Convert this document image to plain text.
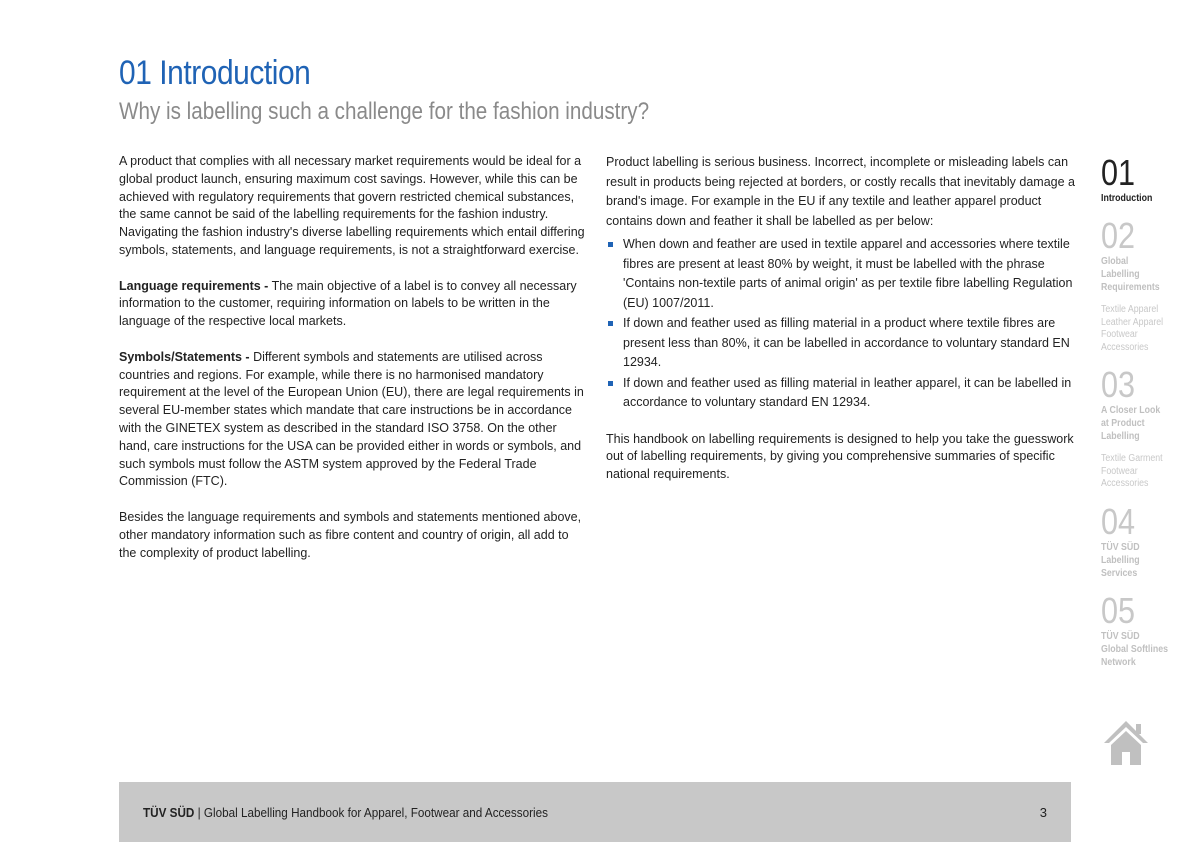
01 Introduction
Why is labelling such a challenge for the fashion industry?

A product that complies with all necessary market requirements would be ideal for a global product launch, ensuring maximum cost savings. However, while this can be achieved with regulatory requirements that govern restricted chemical substances, the same cannot be said of the labelling requirements for the fashion industry. Navigating the fashion industry's diverse labelling requirements which entail differing symbols, statements, and language requirements, is not a straightforward exercise.

Language requirements - The main objective of a label is to convey all necessary information to the customer, requiring information on labels to be written in the language of the respective local markets.

Symbols/Statements - Different symbols and statements are utilised across countries and regions. For example, while there is no harmonised mandatory requirement at the level of the European Union (EU), there are legal requirements in several EU-member states which mandate that care instructions be in accordance with the GINETEX system as described in the standard ISO 3758. On the other hand, care instructions for the USA can be provided either in words or symbols, and such symbols must follow the ASTM system approved by the Federal Trade Commission (FTC).

Besides the language requirements and symbols and statements mentioned above, other mandatory information such as fibre content and country of origin, all add to the complexity of product labelling.

Product labelling is serious business. Incorrect, incomplete or misleading labels can result in products being rejected at borders, or costly recalls that inevitably damage a brand's image. For example in the EU if any textile and leather apparel product contains down and feather it shall be labelled as per below:

When down and feather are used in textile apparel and accessories where textile fibres are present at least 80% by weight, it must be labelled with the phrase 'Contains non-textile parts of animal origin' as per textile fibre labelling Regulation (EU) 1007/2011.
If down and feather used as filling material in a product where textile fibres are present less than 80%, it can be labelled in accordance to voluntary standard EN 12934.
If down and feather used as filling material in leather apparel, it can be labelled in accordance to voluntary standard EN 12934.

This handbook on labelling requirements is designed to help you take the guesswork out of labelling requirements, by giving you comprehensive summaries of specific national requirements.

01
Introduction
02
Global
Labelling
Requirements
Textile Apparel
Leather Apparel
Footwear
Accessories
03
A Closer Look
at Product
Labelling
Textile Garment
Footwear
Accessories
04
TÜV SÜD
Labelling
Services
05
TÜV SÜD
Global Softlines
Network
TÜV SÜD | Global Labelling Handbook for Apparel, Footwear and Accessories	3
